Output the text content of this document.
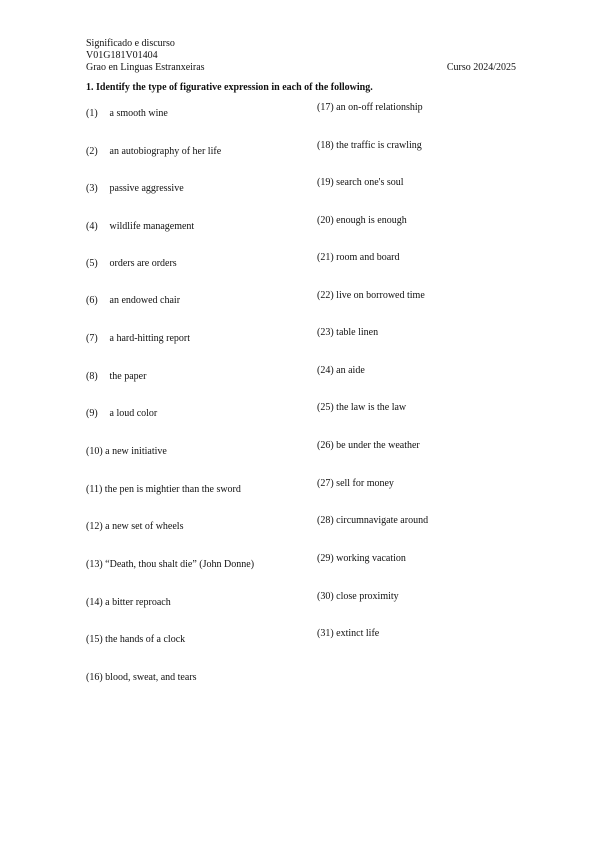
Significado e discurso
V01G181V01404
Grao en Linguas Estranxeiras	Curso 2024/2025
1. Identify the type of figurative expression in each of the following.
(1) a smooth wine
(2) an autobiography of her life
(3) passive aggressive
(4) wildlife management
(5) orders are orders
(6) an endowed chair
(7) a hard-hitting report
(8) the paper
(9) a loud color
(10) a new initiative
(11) the pen is mightier than the sword
(12) a new set of wheels
(13) “Death, thou shalt die” (John Donne)
(14) a bitter reproach
(15) the hands of a clock
(16) blood, sweat, and tears
(17) an on-off relationship
(18) the traffic is crawling
(19) search one's soul
(20) enough is enough
(21) room and board
(22) live on borrowed time
(23) table linen
(24) an aide
(25) the law is the law
(26) be under the weather
(27) sell for money
(28) circumnavigate around
(29) working vacation
(30) close proximity
(31) extinct life
